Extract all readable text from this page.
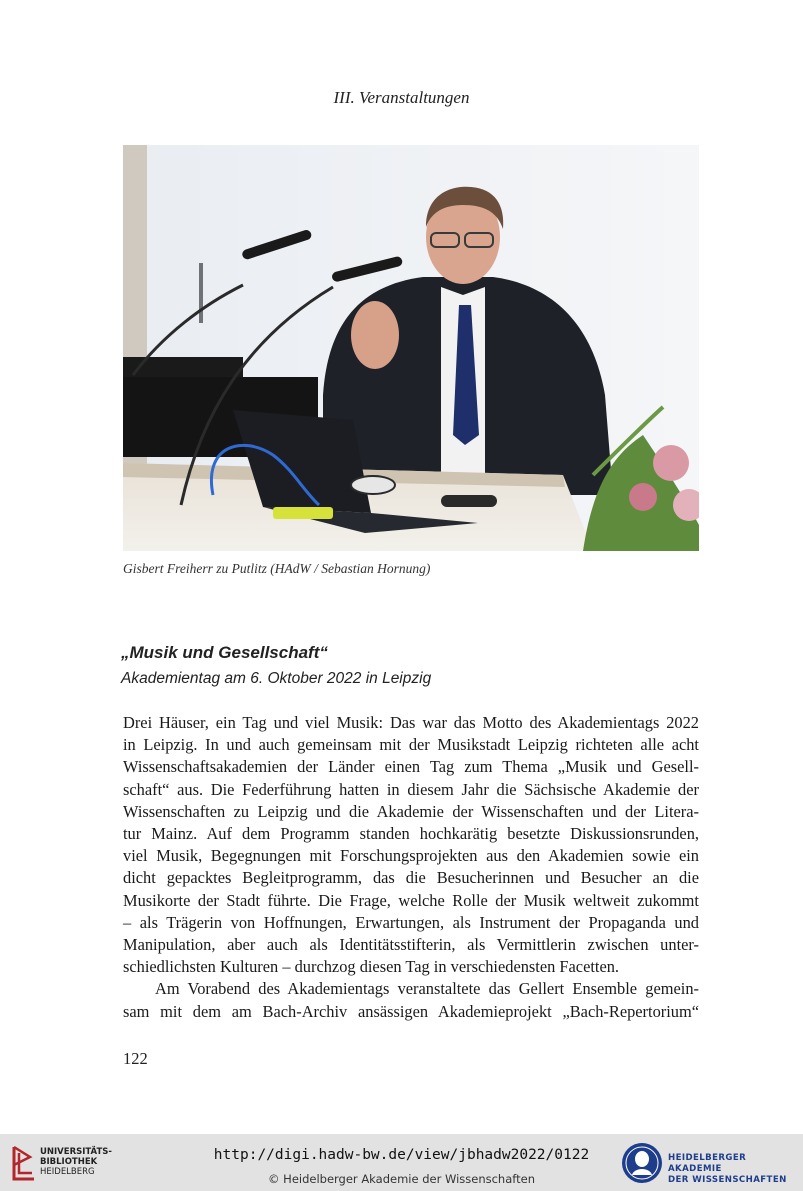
III. Veranstaltungen
Gisbert Freiherr zu Putlitz (HAdW / Sebastian Hornung)
„Musik und Gesellschaft“
Akademientag am 6. Oktober 2022 in Leipzig

Drei Häuser, ein Tag und viel Musik: Das war das Motto des Akademientags 2022

in Leipzig. In und auch gemeinsam mit der Musikstadt Leipzig richteten alle acht

Wissenschaftsakademien der Länder einen Tag zum Thema „Musik und Gesell-

schaft“ aus. Die Federführung hatten in diesem Jahr die Sächsische Akademie der

Wissenschaften zu Leipzig und die Akademie der Wissenschaften und der Litera-

tur Mainz. Auf dem Programm standen hochkarätig besetzte Diskussionsrunden,

viel Musik, Begegnungen mit Forschungsprojekten aus den Akademien sowie ein

dicht gepacktes Begleitprogramm, das die Besucherinnen und Besucher an die

Musikorte der Stadt führte. Die Frage, welche Rolle der Musik weltweit zukommt

– als Trägerin von Hoffnungen, Erwartungen, als Instrument der Propaganda und

Manipulation, aber auch als Identitätsstifterin, als Vermittlerin zwischen unter-

schiedlichsten Kulturen – durchzog diesen Tag in verschiedensten Facetten.

Am Vorabend des Akademientags veranstaltete das Gellert Ensemble gemein-

sam mit dem am Bach-Archiv ansässigen Akademieprojekt „Bach-Repertorium“

122
UNIVERSITÄTS-
BIBLIOTHEK
HEIDELBERG
http://digi.hadw-bw.de/view/jbhadw2022/0122
© Heidelberger Akademie der Wissenschaften
HEIDELBERGER AKADEMIE
DER WISSENSCHAFTEN
